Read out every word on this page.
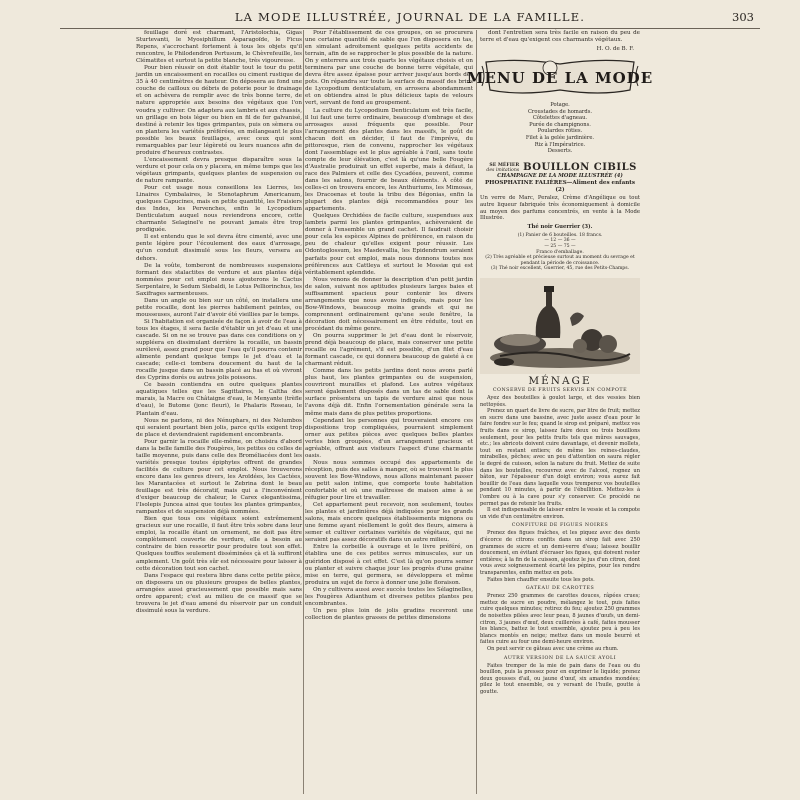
LA MODE ILLUSTRÉE, JOURNAL DE LA FAMILLE.	303

feuillage doré est charmant, l'Aristolochia, Gigas Sturtevanti, le Myosiphillum Asparagoïde, le Ficus Repens, s'accrochant fortement à tous les objets qu'il rencontre, le Philodendron Pertusum, le Chèvrefeuille, les Clématites et surtout la petite blanche, très vigoureuse.

Pour bien réussir on doit établir tout le tour du petit jardin un encaissement en rocailles ou ciment rustique de 35 à 40 centimètres de hauteur. On déposera au fond une couche de cailloux ou débris de poterie pour le drainage et on achèvera de remplir avec de très bonne terre, de nature appropriée aux besoins des végétaux que l'on voudra y cultiver. On adaptera aux lambris et aux chassis, un grillage en bois léger ou bien en fil de fer galvanisé, destiné à retenir les tiges grimpantes, puis on sèmera ou on plantera les variétés préférées, en mélangeant le plus possible les beaux feuillages, avec ceux qui sont remarquables par leur légèreté ou leurs nuances afin de produire d'heureux contrastes.

L'encaissement devra presque disparaître sous la verdure et pour cela on y placera, en même temps que les végétaux grimpants, quelques plantes de suspension ou de nature rampante.

Pour cet usage nous conseillons les Lierres, les Linaires Cymbalaires, le Stenotaphrum Americanum, quelques Capucines, mais en petite quantité, les Fraisiers des Indes, les Pervenches, enfin le Lycopodium Denticulatum auquel nous reviendrons encore, cette charmante Selaginel'e ne pouvant jamais être trop prodiguée.

Il est entendu que le sol devra être cimenté, avec une pente légère pour l'écoulement des eaux d'arrosage, qu'un conduit dissimulé sous les fleurs, versera au dehors.

De la voûte, tomberont de nombreuses suspensions formant des stalactites de verdure et aux plantes déjà nommées pour cet emploi nous ajouterons le Cactus Serpentaire, le Sedum Siebaldi, le Lotus Pelliorinchus, les Saxifrages sarmenteuses.

Dans un angle ou bien sur un côté, on installera une petite rocaille, dont les pierres habilement peintes, ou mousseuses, auront l'air d'avoir été vieillies par le temps.

Si l'habitation est organisée de façon à avoir de l'eau à tous les étages, il sera facile d'établir un jet d'eau et une cascade. Si on ne se trouve pas dans ces conditions on y suppléera en dissimulant derrière la rocaille, un bassin surélevé, assez grand pour que l'eau qu'il pourra contenir alimente pendant quelque temps le jet d'eau et la cascade; celle-ci tombera doucement du haut de la rocaille jusque dans un bassin placé au bas et où vivront des Cyprins dorés ou autres jolis poissons.

Ce bassin contiendra en outre quelques plantes aquatiques telles que les Sagittaires, le Caltha des marais, la Macre ou Châtaigne d'eau, le Menyante (trèfle d'eau), le Butome (jonc fleuri), le Phalaris Roseau, le Plantain d'eau.

Nous ne parlons, ni des Nénuphars, ni des Nelumbos qui seraient pourtant bien jolis, parce qu'ils exigent trop de place et deviendraient rapidement encombrants.

Pour garnir la rocaille elle-même, on choisira d'abord dans la belle famille des Fougères, les petites ou celles de taille moyenne, puis dans celle des Broméliacées dont les variétés presque toutes épiphytes offrent de grandes facilités de culture pour cet emploi. Nous trouverons encore dans les genres divers, les Aroïdées, les Cactées, les Marantacées et surtout le Zebrina dont le beau feuillage est très décoratif, mais qui a l'inconvénient d'exiger beaucoup de chaleur, le Carex elegantissima, l'Isolepis Juncea ainsi que toutes les plantes grimpantes, rampantes et de suspension déjà nommées.

Bien que tous ces végétaux soient extrêmement gracieux sur une rocaille, il faut être très sobre dans leur emploi, la rocaille étant un ornement, ne doit pas être complètement couverte de verdure, elle a besoin au contraire de bien ressortir pour produire tout son effet. Quelques touffes seulement disséminées çà et là suffiront amplement. Un goût très sûr est nécessaire pour laisser à cette décoration tout son cachet.

Dans l'espace qui restera libre dans cette petite pièce, on disposera un ou plusieurs groupes de belles plantes, arrangées aussi gracieusement que possible mais sans ordre apparent; c'est au milieu de ce massif que se trouvera le jet d'eau amené du réservoir par un conduit dissimulé sous la verdure.

Pour l'établissement de ces groupes, on se procurera une certaine quantité de sable que l'on disposera en tas, en simulant adroitement quelques petits accidents de terrain, afin de se rapprocher le plus possible de la nature. On y enterrera aux trois quarts les végétaux choisis et on terminera par une couche de bonne terre végétale, qui devra être assez épaisse pour arriver jusqu'aux bords des pots. On répandra sur toute la surface du massif des brins de Lycopodium denticulatum, en arrosera abondamment et on obtiendra ainsi le plus délicieux tapis de velours vert, servant de fond au groupement.

La culture du Lycopodium Denticulatum est très facile, il lui faut une terre ordinaire, beaucoup d'ombrage et des arrosages aussi fréquents que possible. Pour l'arrangement des plantes dans les massifs, le goût de chacun doit en décider, il faut de l'imprévu, du pittoresque, rien de convenu, rapprocher les végétaux dont l'assemblage est le plus agréable à l'œil, sans toute compte de leur élévation, c'est là qu'une belle Fougère d'Australie produirait un effet superbe, mais à défaut, la race des Palmiers et celle des Cycadées, peuvent, comme dans les salons, fournir de beaux éléments. À côté de celles-ci on trouvera encore, les Anthuriums, les Mimosas, les Dracoenas et toute la tribu des Bégonias, enfin la plupart des plantes déjà recommandées pour les appartements.

Quelques Orchidées de facile culture, suspendues aux lambris parmi les plantes grimpantes, achèveraient de donner à l'ensemble un grand cachet. Il faudrait choisir pour cela les espèces Alpines de préférence, en raison du peu de chaleur qu'elles exigent pour réussir. Les Odontoglossum, les Masdevallia, les Epidendrum seraient parfaits pour cet emploi, mais nous donnons toutes nos préférences aux Cattleya et surtout le Mossiæ qui est véritablement splendide.

Nous venons de donner la description d'un petit jardin de salon, suivant nos aptitudes plusieurs larges baies et suffisamment spacieux pour contenir les divers arrangements que nous avons indiqués, mais pour les Bow-Windows, beaucoup moins grands et qui ne comprennent ordinairement qu'une seule fenêtre, la décoration doit nécessairement en être réduite, tout en procédant du même genre.

On pourra supprimer le jet d'eau dont le réservoir, prend déjà beaucoup de place, mais conserver une petite rocaille ou l'agrément, s'il est possible, d'un filet d'eau formant cascade, ce qui donnera beaucoup de gaieté à ce charmant réduit.

Comme dans les petits jardins dont nous avons parlé plus haut, les plantes grimpantes ou de suspension, couvriront murailles et plafond. Les autres végétaux seront également disposés dans un tas de sable dont la surface présentera un tapis de verdure ainsi que nous l'avons déjà dit. Enfin l'ornementation générale sera la même mais dans de plus petites proportions.

Cependant les personnes qui trouveraient encore ces dispositions trop compliquées, pourraient simplement orner aux petites pièces avec quelques belles plantes vertes bien groupées, d'un arrangement gracieux et agréable, offrant aux visiteurs l'aspect d'une charmante oasis.

Nous nous sommes occupé des appartements de réception, puis des salles à manger, où se trouvent le plus souvent les Bow-Windows, nous allons maintenant passer au petit salon intime, que comporte toute habitation confortable et où une maîtresse de maison aime à se réfugier pour lire et travailler.

Cet appartement peut recevoir, non seulement, toutes les plantes et jardinières déjà indiquées pour les grands salons, mais encore quelques établissements mignons ou une femme ayant réellement le goût des fleurs, aimera à semer et cultiver certaines variétés de végétaux, qui ne seraient pas assez décoratifs dans un autre milieu.

Entre la corbeille à ouvrage et le livre préféré, on établira une de ces petites serres minuscules, sur un guéridon disposé à cet effet. C'est là qu'on pourra semer ou planter et suivre chaque jour les progrès d'une graine mise en terre, qui germera, se développera et même produira un sujet de force à donner une jolie floraison.

On y cultivera aussi avec succès toutes les Sélaginelles, les Fougères Adianthum et diverses petites plantes peu encombrantes.

Un peu plus loin de jolis gradins recevront une collection de plantes grasses de petites dimensions

dont l'entretien sera très facile en raison du peu de terre et d'eau qu'exigent ces charmants végétaux.

H. O. de B. F.
MENU DE LA MODE
Potage.
Croustades de homards.
Côtelettes d'agneau.
Purée de champignons.
Poulardes rôties.
Filet à la gelée jardinière.
Riz à l'Impératrice.
Desserts.
SE MÉFIER
des imitations BOUILLON CIBILS
CHAMPAGNE DE LA MODE ILLUSTRÉE (4)
PHOSPHATINE FALIÈRES—Aliment des enfants (2)
Un verre de Marc, Peralez, Crème d'Angélique ou tout autre liqueur fabriquée très économiquement à domicile au moyen des parfums concentrés, en vente à la Mode Illustrée.
Thé noir Guerrier (3).
(1) Panier de 6 bouteilles. 18 francs.
— 12 — 36 —
— 25 — 75 —
Franco d'emballage.
(2) Très agréable et précieuse surtout au moment du sevrage et pendant la période de croissance.
(3) Thé noir excellent, Guerrier, 45, rue des Petits-Champs.
MÉNAGE
CONSERVE DE FRUITS SERVIS EN COMPOTE

Ayez des bouteilles à goulot large, et des vessies bien nettoyées.

Prenez un quart de livre de sucre, par litre de fruit; mettez en sucre dans une bassine, avec juste assez d'eau pour le faire fondre sur le feu; quand le sirop est préparé, mettez vos fruits dans ce sirop, laissez faire deux ou trois bouillons seulement, pour les petits fruits tels que mûres sauvages, etc.; les abricots doivent cuire davantage, et devenir mollets, tout en restant entiers; de même les reines-claudes, mirabelles, pêches; avec un peu d'attention on saura régler le degré de cuisson, selon la nature du fruit. Mettez de suite dans les bouteilles, recouvrez avec de l'alcool, rognez un bâton, sur l'épaisseur d'un doigt environ; vous aurez fait bouillir de l'eau dans laquelle vous tremperez vos bouteilles pendant 10 minutes, à partir de l'ébullition. Mettez-les à l'ombre ou à la cave pour s'y conserver. Ce procédé ne permet pas de retenir les fruits.

Il est indispensable de laisser entre le vessie et la compote un vide d'un centimètre environ.

CONFITURE DE FIGUES NOIRES

Prenez des figues fraîches, et les piquez avec des dents d'écorce de citrons confits dans un sirop fait avec 250 grammes de sucre et un demi-verre d'eau; laissez bouillir doucement, en évitant d'écraser les figues, qui doivent rester entières; à la fin de la cuisson, ajoutez le jus d'un citron, dont vous avez soigneusement écarté les pépins, pour les rendre transparentes, enfin mettez en pots.

Faites bien chauffer ensuite tous les pots.

GATEAU DE CAROTTES

Prenez 250 grammes de carottes douces, râpées crues; mettez de sucre en poudre, mélangez le tout, puis faites cuire quelques minutes; retirez du feu; ajoutez 250 grammes de noisettes pilées avec leur peau, 8 jaunes d'œufs, un demi-citron, 3 jaunes d'œuf, deux cuillerées à café, faites mousser les blancs, battez le tout ensemble, ajoutez peu à peu les blancs montés en neige; mettez dans un moule beurré et faites cuire au four une demi-heure environ.

On peut servir ce gâteau avec une crème au rhum.

AUTRE VERSION DE LA SAUCE AYOLI

Faites tremper de la mie de pain dans de l'eau ou du bouillon, puis la pressez pour en exprimer le liquide; prenez deux gousses d'ail, ou jaune d'œuf, six amandes mondées; pilez le tout ensemble, ou y versant de l'huile, goutte à goutte.
